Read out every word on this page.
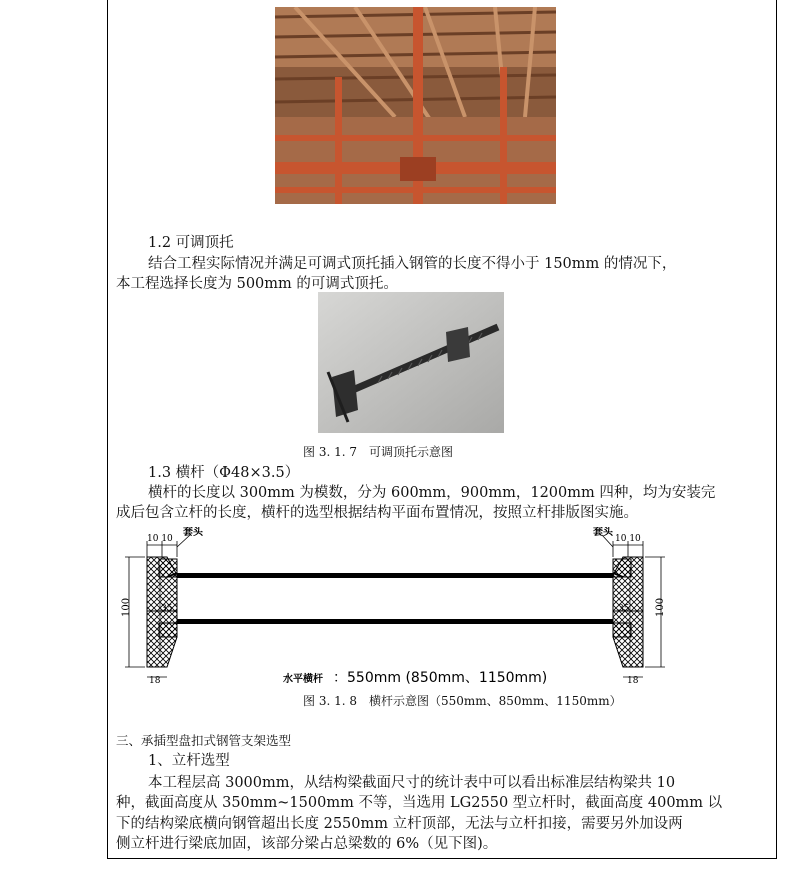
1.2 可调顶托
结合工程实际情况并满足可调式顶托插入钢管的长度不得小于 150mm 的情况下，
本工程选择长度为 500mm 的可调式顶托。
图 3. 1. 7　可调顶托示意图
1.3 横杆（Φ48×3.5）
横杆的长度以 300mm 为模数，分为 600mm，900mm，1200mm 四种，均为安装完
成后包含立杆的长度，横杆的选型根据结构平面布置情况，按照立杆排版图实施。
10 10	10 10
套头	套头
100	100
35	35
18	18
水平横杆 ：550mm (850mm、1150mm)
图 3. 1. 8　横杆示意图（550mm、850mm、1150mm）
三、承插型盘扣式钢管支架选型
1、立杆选型
本工程层高 3000mm，从结构梁截面尺寸的统计表中可以看出标准层结构梁共 10
种，截面高度从 350mm~1500mm 不等，当选用 LG2550 型立杆时，截面高度 400mm 以
下的结构梁底横向钢管超出长度 2550mm 立杆顶部，无法与立杆扣接，需要另外加设两
侧立杆进行梁底加固，该部分梁占总梁数的 6%（见下图)。
